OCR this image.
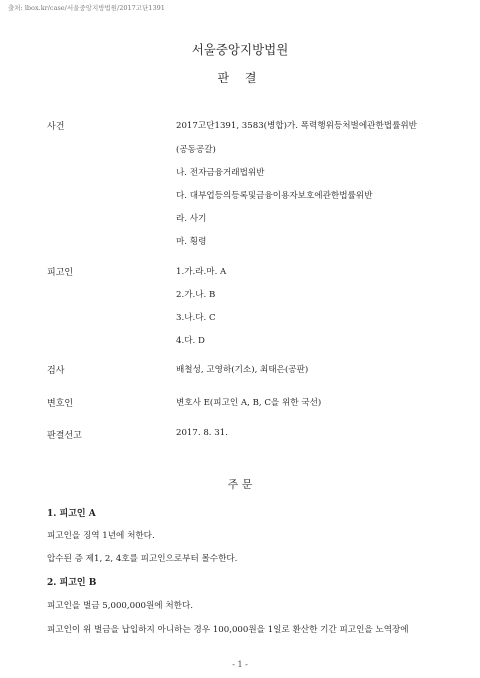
출처: lbox.kr/case/서울중앙지방법원/2017고단1391
서울중앙지방법원
판 결
사건	2017고단1391, 3583(병합)가. 폭력행위등처벌에관한법률위반
(공동공갈)
나. 전자금융거래법위반
다. 대부업등의등록및금융이용자보호에관한법률위반
라. 사기
마. 횡령
피고인	1.가.라.마. A
2.가.나. B
3.나.다. C
4.다. D
검사	배철성, 고영하(기소), 최태은(공판)
변호인	변호사 E(피고인 A, B, C을 위한 국선)
판결선고	2017. 8. 31.
주 문
1. 피고인 A
피고인을 징역 1년에 처한다.
압수된 증 제1, 2, 4호를 피고인으로부터 몰수한다.
2. 피고인 B
피고인을 벌금 5,000,000원에 처한다.
피고인이 위 벌금을 납입하지 아니하는 경우 100,000원을 1일로 환산한 기간 피고인을 노역장에
- 1 -
